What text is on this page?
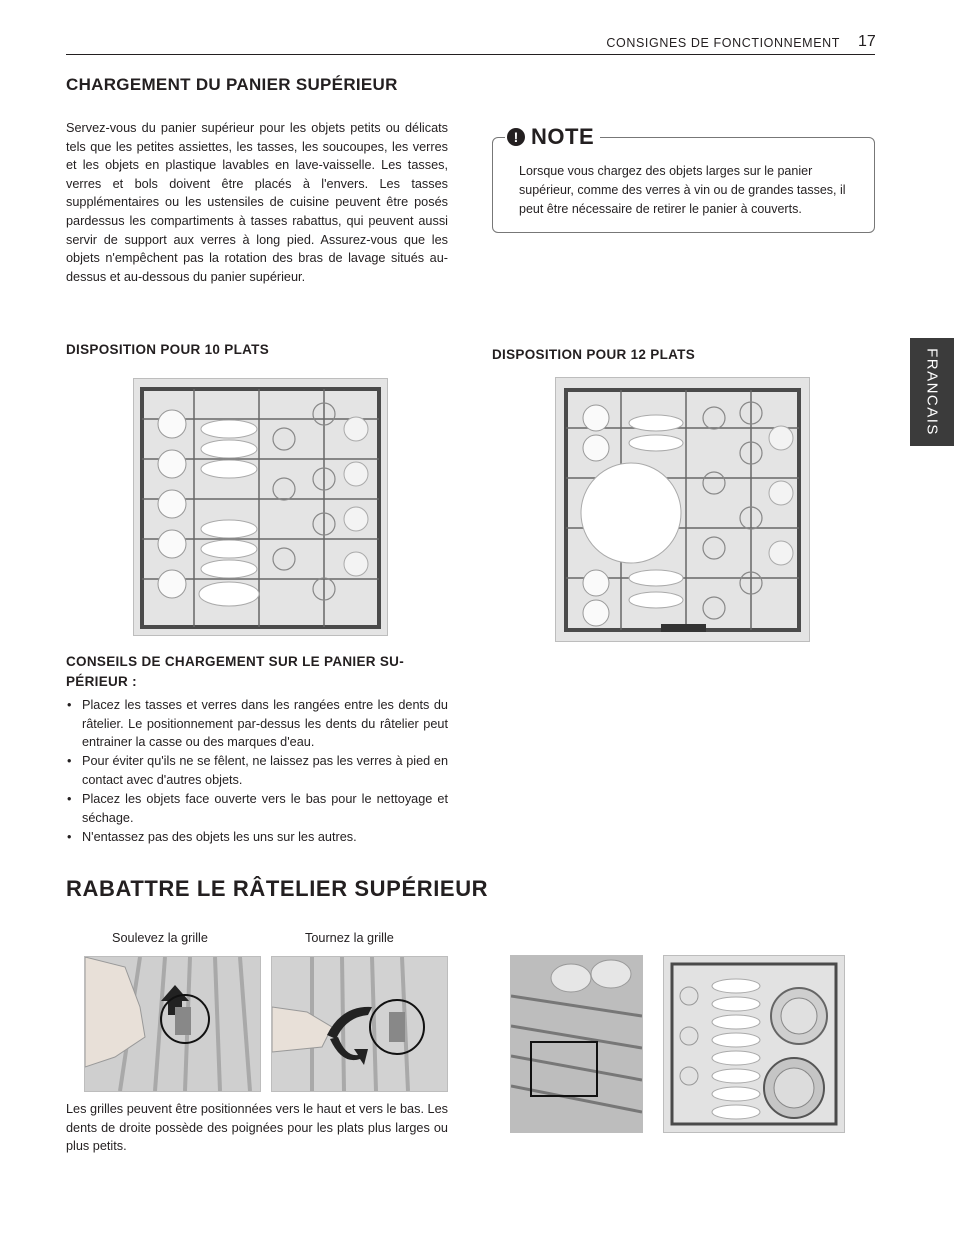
CONSIGNES DE FONCTIONNEMENT 17
FRANCAIS
CHARGEMENT DU PANIER SUPÉRIEUR
Servez-vous du panier supérieur pour les objets petits ou délicats tels que les petites assiettes, les tasses, les soucoupes, les verres et les objets en plastique lavables en lave-vaisselle. Les tasses, verres et bols doivent être placés à l'envers. Les tasses supplémentaires ou les ustensiles de cuisine peuvent être posés pardessus les compartiments à tasses rabattus, qui peuvent aussi servir de support aux verres à long pied. Assurez-vous que les objets n'empêchent pas la rotation des bras de lavage situés au-dessus et au-dessous du panier supérieur.
! NOTE
Lorsque vous chargez des objets larges sur le panier supérieur, comme des verres à vin ou de grandes tasses, il peut être nécessaire de retirer le panier à couverts.
DISPOSITION POUR 10 PLATS	DISPOSITION POUR 12 PLATS
CONSEILS DE CHARGEMENT SUR LE PANIER SU-
PÉRIEUR :
• Placez les tasses et verres dans les rangées entre les dents du râtelier. Le positionnement par-dessus les dents du râtelier peut entrainer la casse ou des marques d'eau.
• Pour éviter qu'ils ne se fêlent, ne laissez pas les verres à pied en contact avec d'autres objets.
• Placez les objets face ouverte vers le bas pour le nettoyage et séchage.
• N'entassez pas des objets les uns sur les autres.
RABATTRE LE RÂTELIER SUPÉRIEUR
Soulevez la grille	Tournez la grille
Les grilles peuvent être positionnées vers le haut et vers le bas. Les dents de droite possède des poignées pour les plats plus larges ou plus petits.
